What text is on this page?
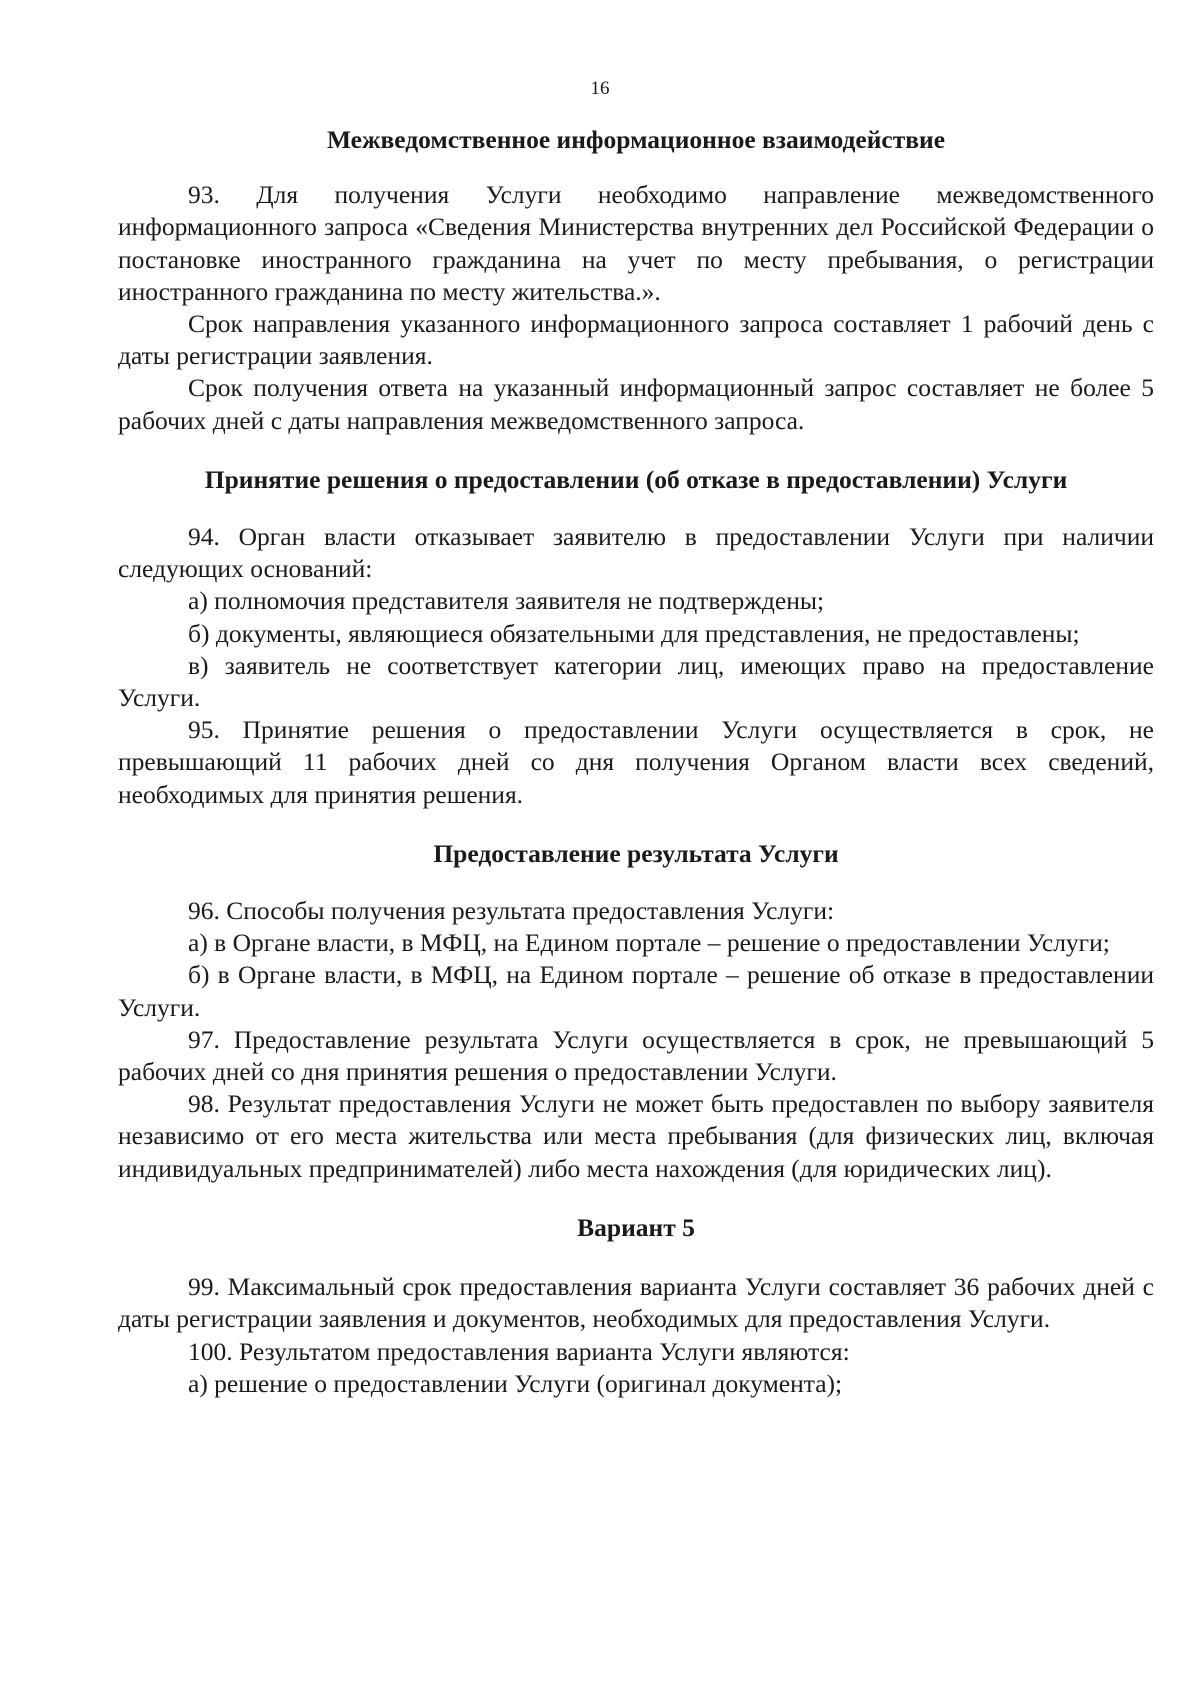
16

Межведомственное информационное взаимодействие

93. Для получения Услуги необходимо направление межведомственного информационного запроса «Сведения Министерства внутренних дел Российской Федерации о постановке иностранного гражданина на учет по месту пребывания, о регистрации иностранного гражданина по месту жительства.».

Срок направления указанного информационного запроса составляет 1 рабочий день с даты регистрации заявления.

Срок получения ответа на указанный информационный запрос составляет не более 5 рабочих дней с даты направления межведомственного запроса.

Принятие решения о предоставлении (об отказе в предоставлении) Услуги

94. Орган власти отказывает заявителю в предоставлении Услуги при наличии следующих оснований:

а) полномочия представителя заявителя не подтверждены;

б) документы, являющиеся обязательными для представления, не предоставлены;

в) заявитель не соответствует категории лиц, имеющих право на предоставление Услуги.

95. Принятие решения о предоставлении Услуги осуществляется в срок, не превышающий 11 рабочих дней со дня получения Органом власти всех сведений, необходимых для принятия решения.

Предоставление результата Услуги

96. Способы получения результата предоставления Услуги:

а) в Органе власти, в МФЦ, на Едином портале – решение о предоставлении Услуги;

б) в Органе власти, в МФЦ, на Едином портале – решение об отказе в предоставлении Услуги.

97. Предоставление результата Услуги осуществляется в срок, не превышающий 5 рабочих дней со дня принятия решения о предоставлении Услуги.

98. Результат предоставления Услуги не может быть предоставлен по выбору заявителя независимо от его места жительства или места пребывания (для физических лиц, включая индивидуальных предпринимателей) либо места нахождения (для юридических лиц).

Вариант 5

99. Максимальный срок предоставления варианта Услуги составляет 36 рабочих дней с даты регистрации заявления и документов, необходимых для предоставления Услуги.

100. Результатом предоставления варианта Услуги являются:

а) решение о предоставлении Услуги (оригинал документа);
